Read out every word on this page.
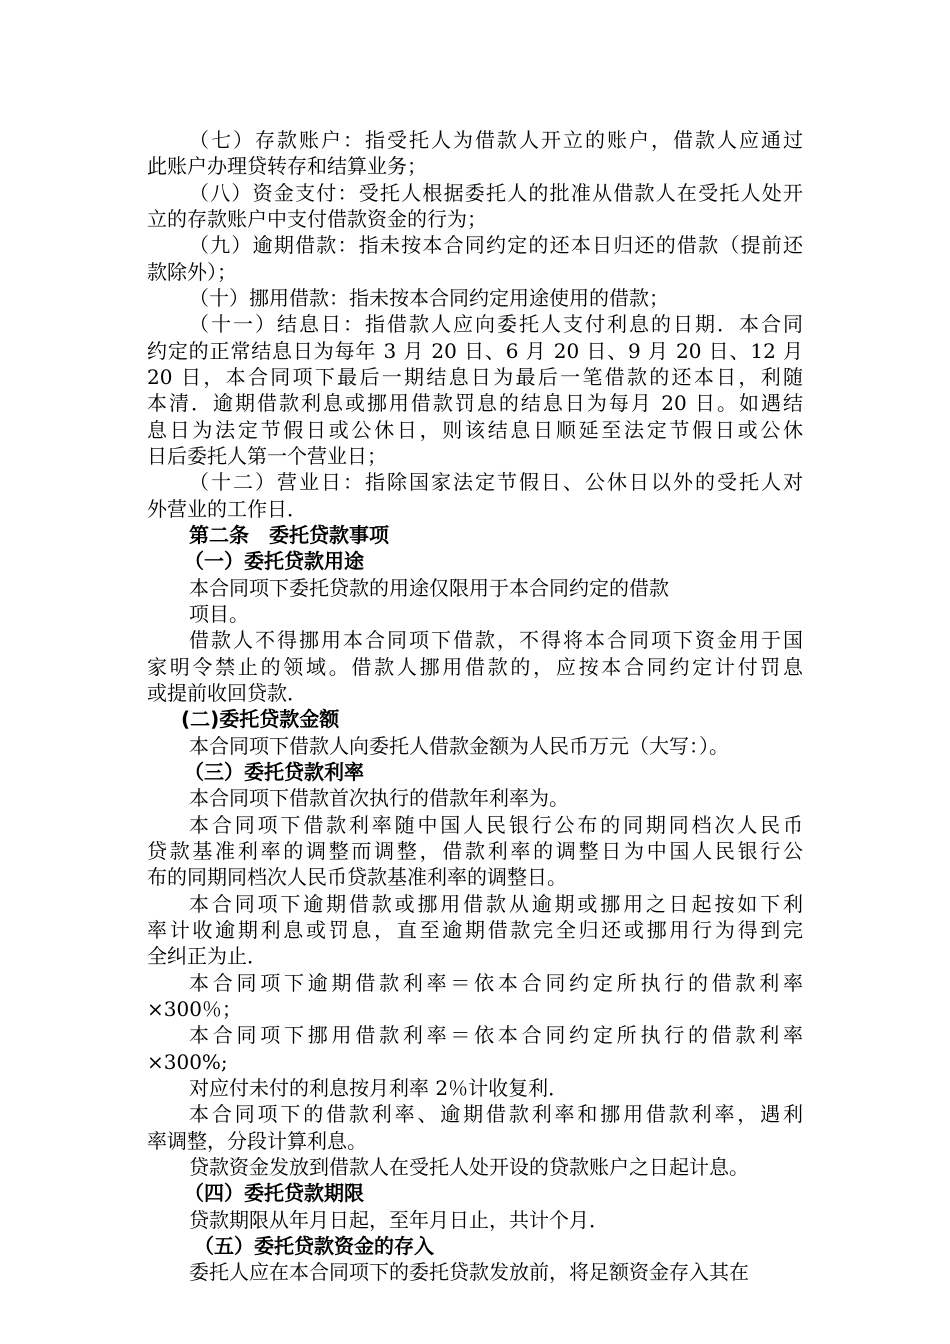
（七）存款账户：指受托人为借款人开立的账户，借款人应通过
此账户办理贷转存和结算业务；
（八）资金支付：受托人根据委托人的批准从借款人在受托人处开
立的存款账户中支付借款资金的行为；
（九）逾期借款：指未按本合同约定的还本日归还的借款（提前还
款除外）；
（十）挪用借款：指未按本合同约定用途使用的借款；
（十一）结息日：指借款人应向委托人支付利息的日期．本合同
约定的正常结息日为每年 3 月 20 日、6 月 20 日、9 月 20 日、12 月
20 日，本合同项下最后一期结息日为最后一笔借款的还本日，利随
本清．逾期借款利息或挪用借款罚息的结息日为每月 20 日。如遇结
息日为法定节假日或公休日，则该结息日顺延至法定节假日或公休
日后委托人第一个营业日；
（十二）营业日：指除国家法定节假日、公休日以外的受托人对
外营业的工作日．
第二条　委托贷款事项
（一）委托贷款用途
本合同项下委托贷款的用途仅限用于本合同约定的借款
项目。
借款人不得挪用本合同项下借款，不得将本合同项下资金用于国
家明令禁止的领域。借款人挪用借款的，应按本合同约定计付罚息
或提前收回贷款．
(二)委托贷款金额
本合同项下借款人向委托人借款金额为人民币万元（大写：）。
（三）委托贷款利率
本合同项下借款首次执行的借款年利率为。
本合同项下借款利率随中国人民银行公布的同期同档次人民币
贷款基准利率的调整而调整，借款利率的调整日为中国人民银行公
布的同期同档次人民币贷款基准利率的调整日。
本合同项下逾期借款或挪用借款从逾期或挪用之日起按如下利
率计收逾期利息或罚息，直至逾期借款完全归还或挪用行为得到完
全纠正为止．
本合同项下逾期借款利率＝依本合同约定所执行的借款利率
×300％；
本合同项下挪用借款利率＝依本合同约定所执行的借款利率
×300%;
对应付未付的利息按月利率 2％计收复利．
本合同项下的借款利率、逾期借款利率和挪用借款利率，遇利
率调整，分段计算利息。
贷款资金发放到借款人在受托人处开设的贷款账户之日起计息。
（四）委托贷款期限
贷款期限从年月日起，至年月日止，共计个月．
（五）委托贷款资金的存入
委托人应在本合同项下的委托贷款发放前，将足额资金存入其在
